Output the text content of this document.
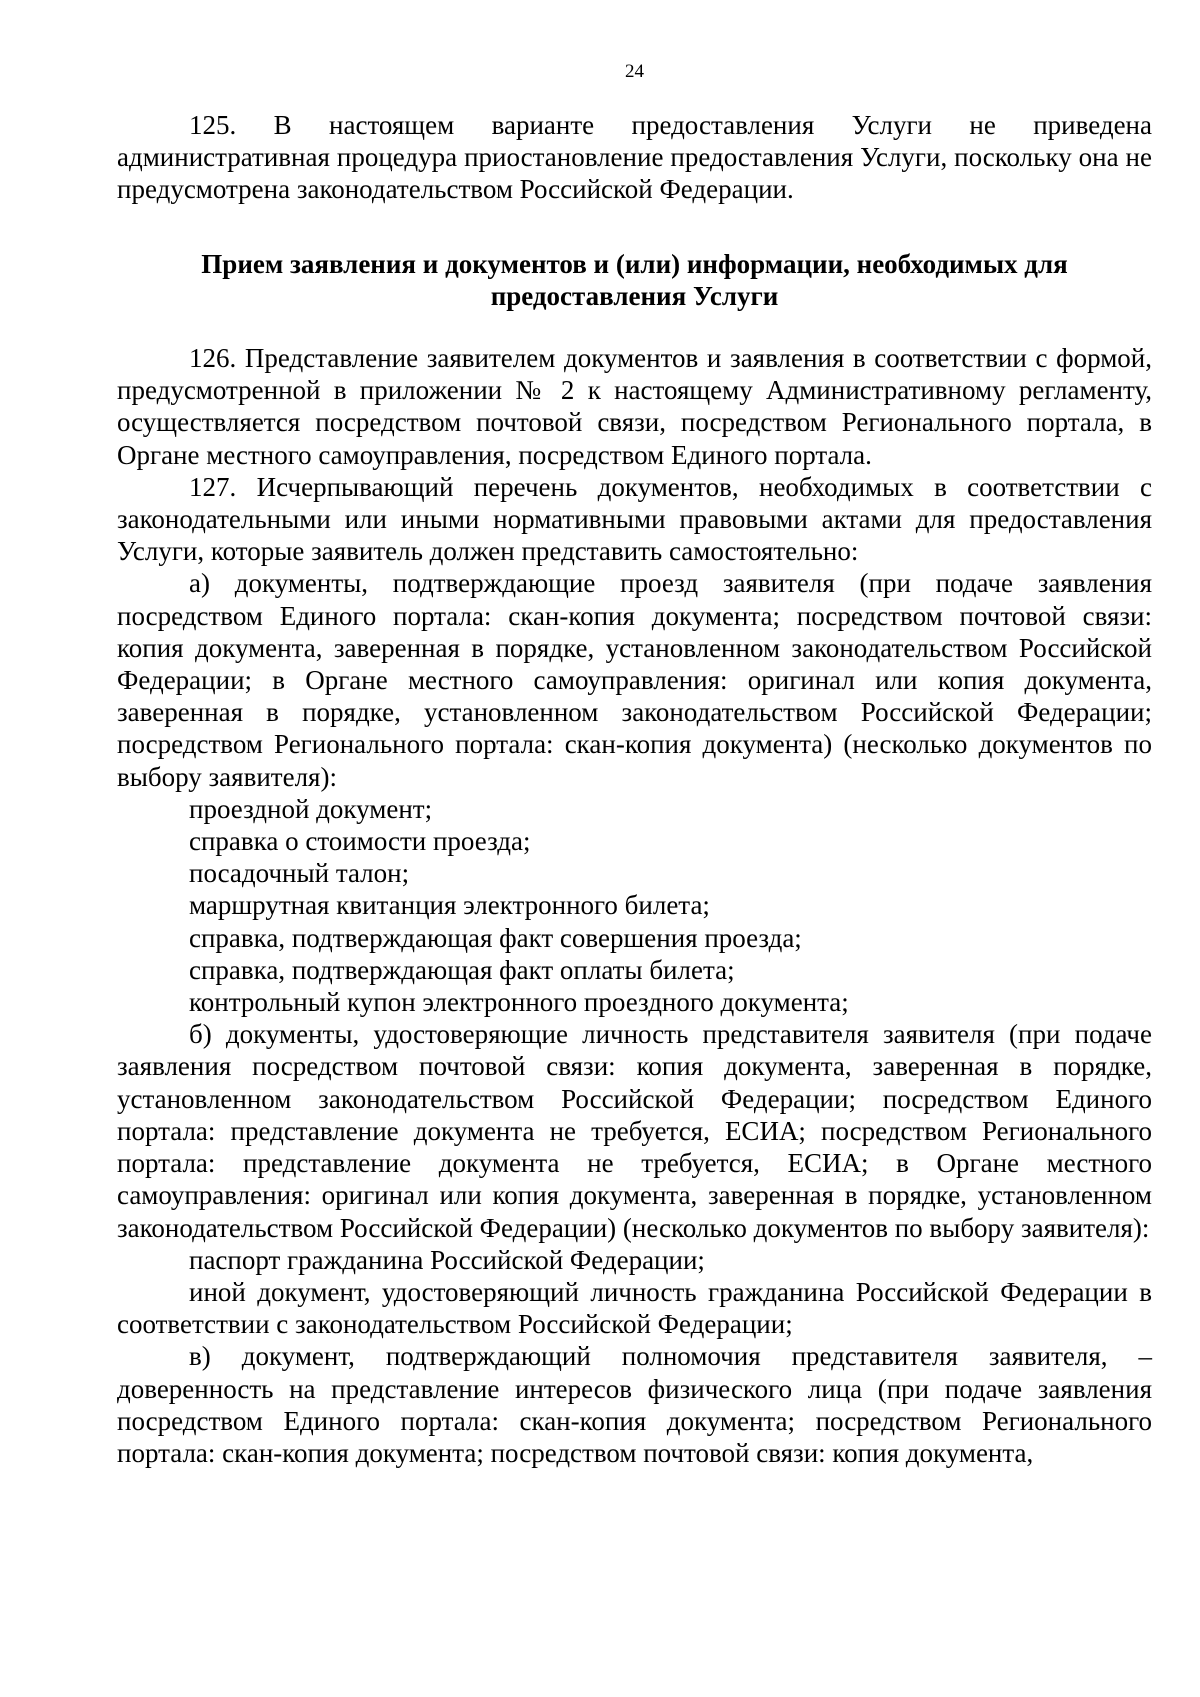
24

125. В настоящем варианте предоставления Услуги не приведена административная процедура приостановление предоставления Услуги, поскольку она не предусмотрена законодательством Российской Федерации.

Прием заявления и документов и (или) информации, необходимых для
предоставления Услуги

126. Представление заявителем документов и заявления в соответствии с формой, предусмотренной в приложении № 2 к настоящему Административному регламенту, осуществляется посредством почтовой связи, посредством Регионального портала, в Органе местного самоуправления, посредством Единого портала.

127. Исчерпывающий перечень документов, необходимых в соответствии с законодательными или иными нормативными правовыми актами для предоставления Услуги, которые заявитель должен представить самостоятельно:

а) документы, подтверждающие проезд заявителя (при подаче заявления посредством Единого портала: скан-копия документа; посредством почтовой связи: копия документа, заверенная в порядке, установленном законодательством Российской Федерации; в Органе местного самоуправления: оригинал или копия документа, заверенная в порядке, установленном законодательством Российской Федерации; посредством Регионального портала: скан-копия документа) (несколько документов по выбору заявителя):

проездной документ;

справка о стоимости проезда;

посадочный талон;

маршрутная квитанция электронного билета;

справка, подтверждающая факт совершения проезда;

справка, подтверждающая факт оплаты билета;

контрольный купон электронного проездного документа;

б) документы, удостоверяющие личность представителя заявителя (при подаче заявления посредством почтовой связи: копия документа, заверенная в порядке, установленном законодательством Российской Федерации; посредством Единого портала: представление документа не требуется, ЕСИА; посредством Регионального портала: представление документа не требуется, ЕСИА; в Органе местного самоуправления: оригинал или копия документа, заверенная в порядке, установленном законодательством Российской Федерации) (несколько документов по выбору заявителя):

паспорт гражданина Российской Федерации;

иной документ, удостоверяющий личность гражданина Российской Федерации в соответствии с законодательством Российской Федерации;

в) документ, подтверждающий полномочия представителя заявителя, – доверенность на представление интересов физического лица (при подаче заявления посредством Единого портала: скан-копия документа; посредством Регионального портала: скан-копия документа; посредством почтовой связи: копия документа,
